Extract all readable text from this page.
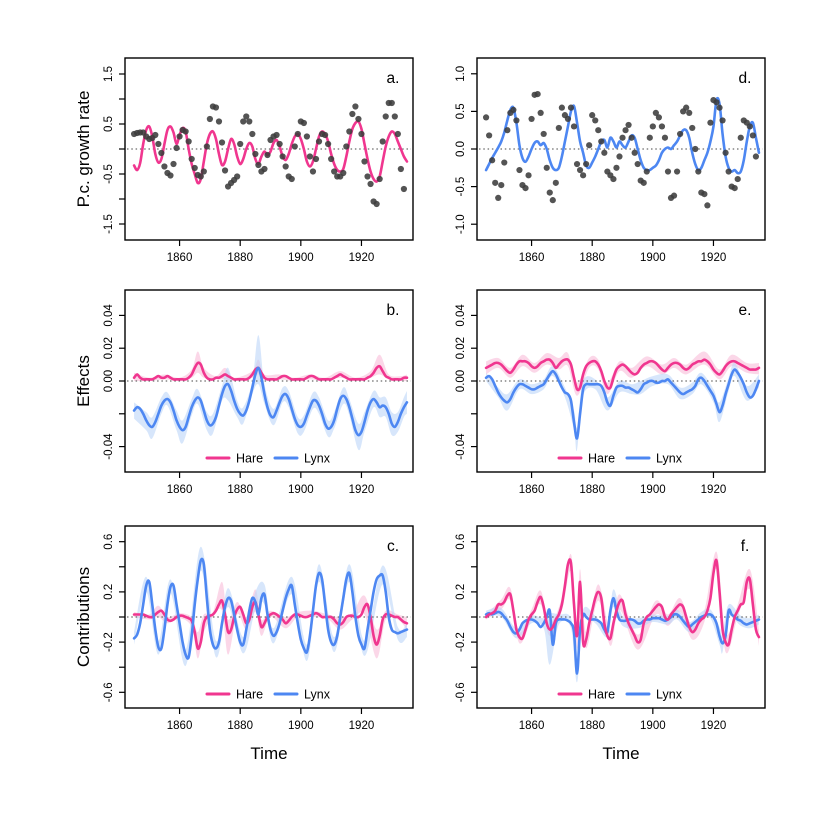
P.c. growth rate
Effects
Contributions
Time	Time
1860	1880	1900	1920
1.5
0.5
-0.5
-1.5
a.
1860	1880	1900	1920
1.0
0.5
0.0
-0.5
-1.0
d.
1860	1880	1900	1920
0.04
0.02
0.00
-0.04	Hare	Lynx
b.
1860	1880	1900	1920
0.04
0.02
0.00
-0.04	Hare	Lynx
e.
1860	1880	1900	1920
0.6
0.2
-0.2
-0.6	Hare	Lynx
c.
1860	1880	1900	1920
0.6
0.2
-0.2
-0.6	Hare	Lynx
f.
